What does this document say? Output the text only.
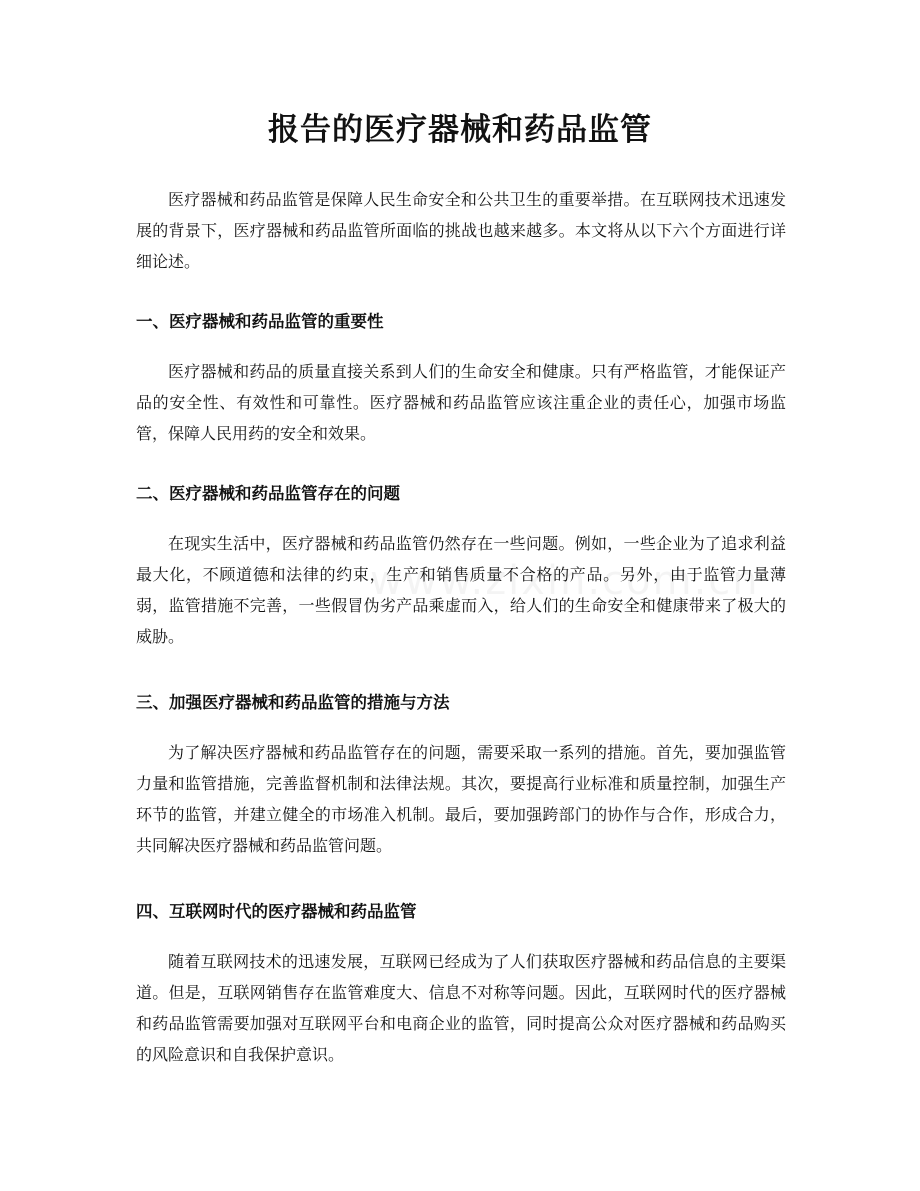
报告的医疗器械和药品监管

医疗器械和药品监管是保障人民生命安全和公共卫生的重要举措。在互联网技术迅速发展的背景下，医疗器械和药品监管所面临的挑战也越来越多。本文将从以下六个方面进行详细论述。

一、医疗器械和药品监管的重要性

医疗器械和药品的质量直接关系到人们的生命安全和健康。只有严格监管，才能保证产品的安全性、有效性和可靠性。医疗器械和药品监管应该注重企业的责任心，加强市场监管，保障人民用药的安全和效果。

二、医疗器械和药品监管存在的问题

在现实生活中，医疗器械和药品监管仍然存在一些问题。例如，一些企业为了追求利益最大化，不顾道德和法律的约束，生产和销售质量不合格的产品。另外，由于监管力量薄弱，监管措施不完善，一些假冒伪劣产品乘虚而入，给人们的生命安全和健康带来了极大的威胁。

三、加强医疗器械和药品监管的措施与方法

为了解决医疗器械和药品监管存在的问题，需要采取一系列的措施。首先，要加强监管力量和监管措施，完善监督机制和法律法规。其次，要提高行业标准和质量控制，加强生产环节的监管，并建立健全的市场准入机制。最后，要加强跨部门的协作与合作，形成合力，共同解决医疗器械和药品监管问题。

四、互联网时代的医疗器械和药品监管

随着互联网技术的迅速发展，互联网已经成为了人们获取医疗器械和药品信息的主要渠道。但是，互联网销售存在监管难度大、信息不对称等问题。因此，互联网时代的医疗器械和药品监管需要加强对互联网平台和电商企业的监管，同时提高公众对医疗器械和药品购买的风险意识和自我保护意识。
